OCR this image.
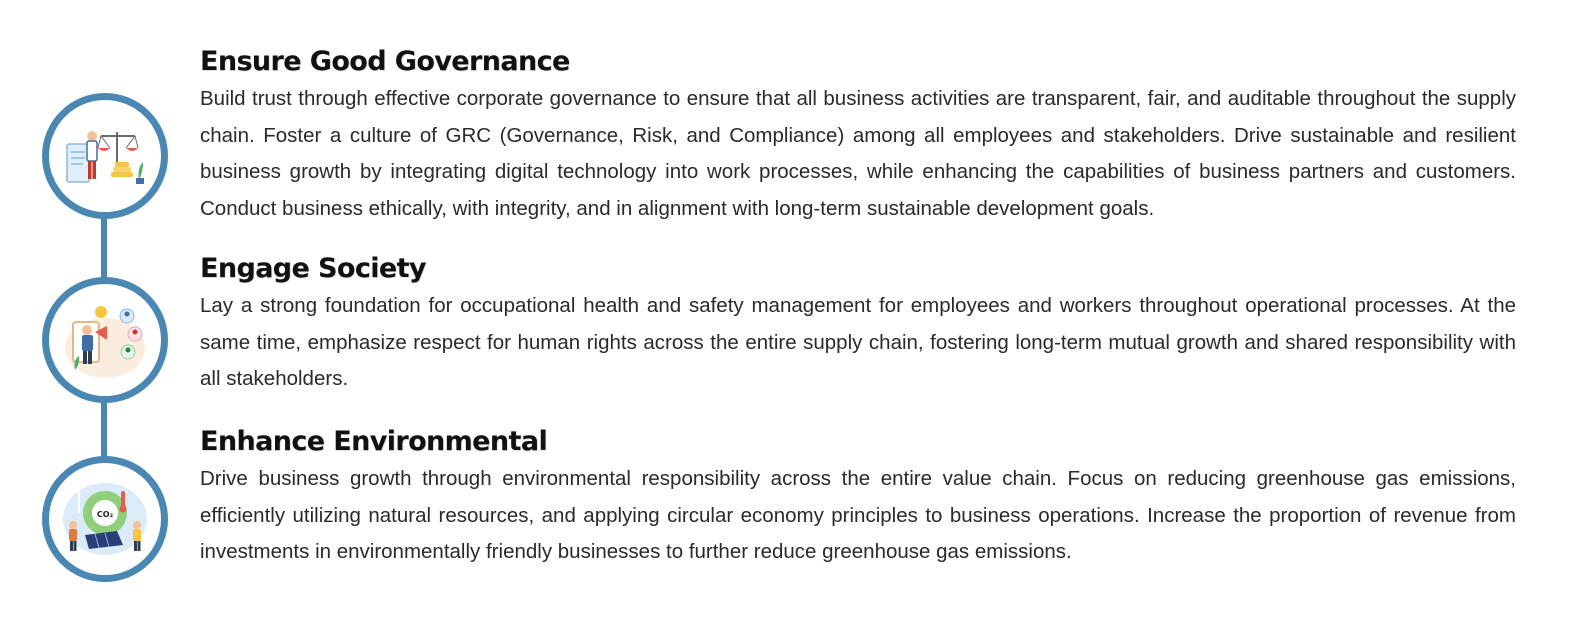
CO₂
Ensure Good Governance

Build trust through effective corporate governance to ensure that all business activities are transparent, fair, and auditable throughout the supply chain. Foster a culture of GRC (Governance, Risk, and Compliance) among all employees and stakeholders. Drive sustainable and resilient business growth by integrating digital technology into work processes, while enhancing the capabilities of business partners and customers. Conduct business ethically, with integrity, and in alignment with long-term sustainable development goals.

Engage Society

Lay a strong foundation for occupational health and safety management for employees and workers throughout operational processes. At the same time, emphasize respect for human rights across the entire supply chain, fostering long-term mutual growth and shared responsibility with all stakeholders.

Enhance Environmental

Drive business growth through environmental responsibility across the entire value chain. Focus on reducing greenhouse gas emissions, efficiently utilizing natural resources, and applying circular economy principles to business operations. Increase the proportion of revenue from investments in environmentally friendly businesses to further reduce greenhouse gas emissions.
